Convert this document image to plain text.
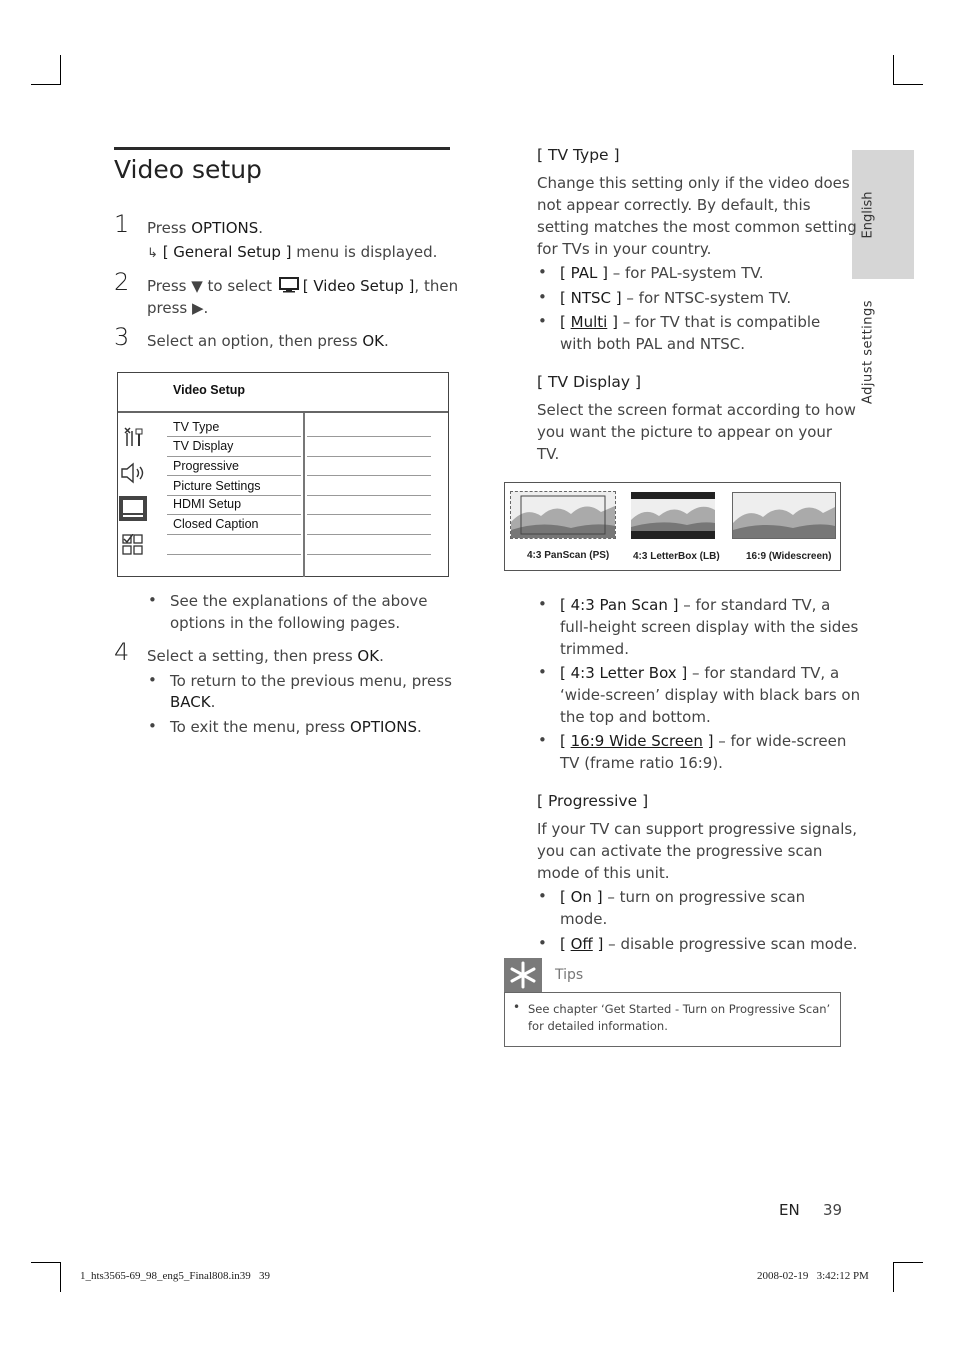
English
Adjust settings
Video setup
1 Press OPTIONS.
↳ [ General Setup ] menu is displayed.
2 Press ▼ to select [ Video Setup ], then
press ▶.
3 Select an option, then press OK.
Video Setup
TV Type
TV Display
Progressive
Picture Settings
HDMI Setup
Closed Caption
• See the explanations of the above
options in the following pages.
4 Select a setting, then press OK.
• To return to the previous menu, press
BACK.
• To exit the menu, press OPTIONS.
[ TV Type ]
Change this setting only if the video does
not appear correctly. By default, this
setting matches the most common setting
for TVs in your country.
• [ PAL ] – for PAL-system TV.
• [ NTSC ] – for NTSC-system TV.
• [ Multi ] – for TV that is compatible
with both PAL and NTSC.
[ TV Display ]
Select the screen format according to how
you want the picture to appear on your
TV.
4:3 PanScan (PS) 4:3 LetterBox (LB)	16:9 (Widescreen)
• [ 4:3 Pan Scan ] – for standard TV, a
full-height screen display with the sides
trimmed.
• [ 4:3 Letter Box ] – for standard TV, a
‘wide-screen’ display with black bars on
the top and bottom.
• [ 16:9 Wide Screen ] – for wide-screen
TV (frame ratio 16:9).
[ Progressive ]
If your TV can support progressive signals,
you can activate the progressive scan
mode of this unit.
• [ On ] – turn on progressive scan
mode.
• [ Off ] – disable progressive scan mode.
Tips
• See chapter ‘Get Started - Turn on Progressive Scan’
for detailed information.
EN 39
1_hts3565-69_98_eng5_Final808.in39   39	2008-02-19   3:42:12 PM
